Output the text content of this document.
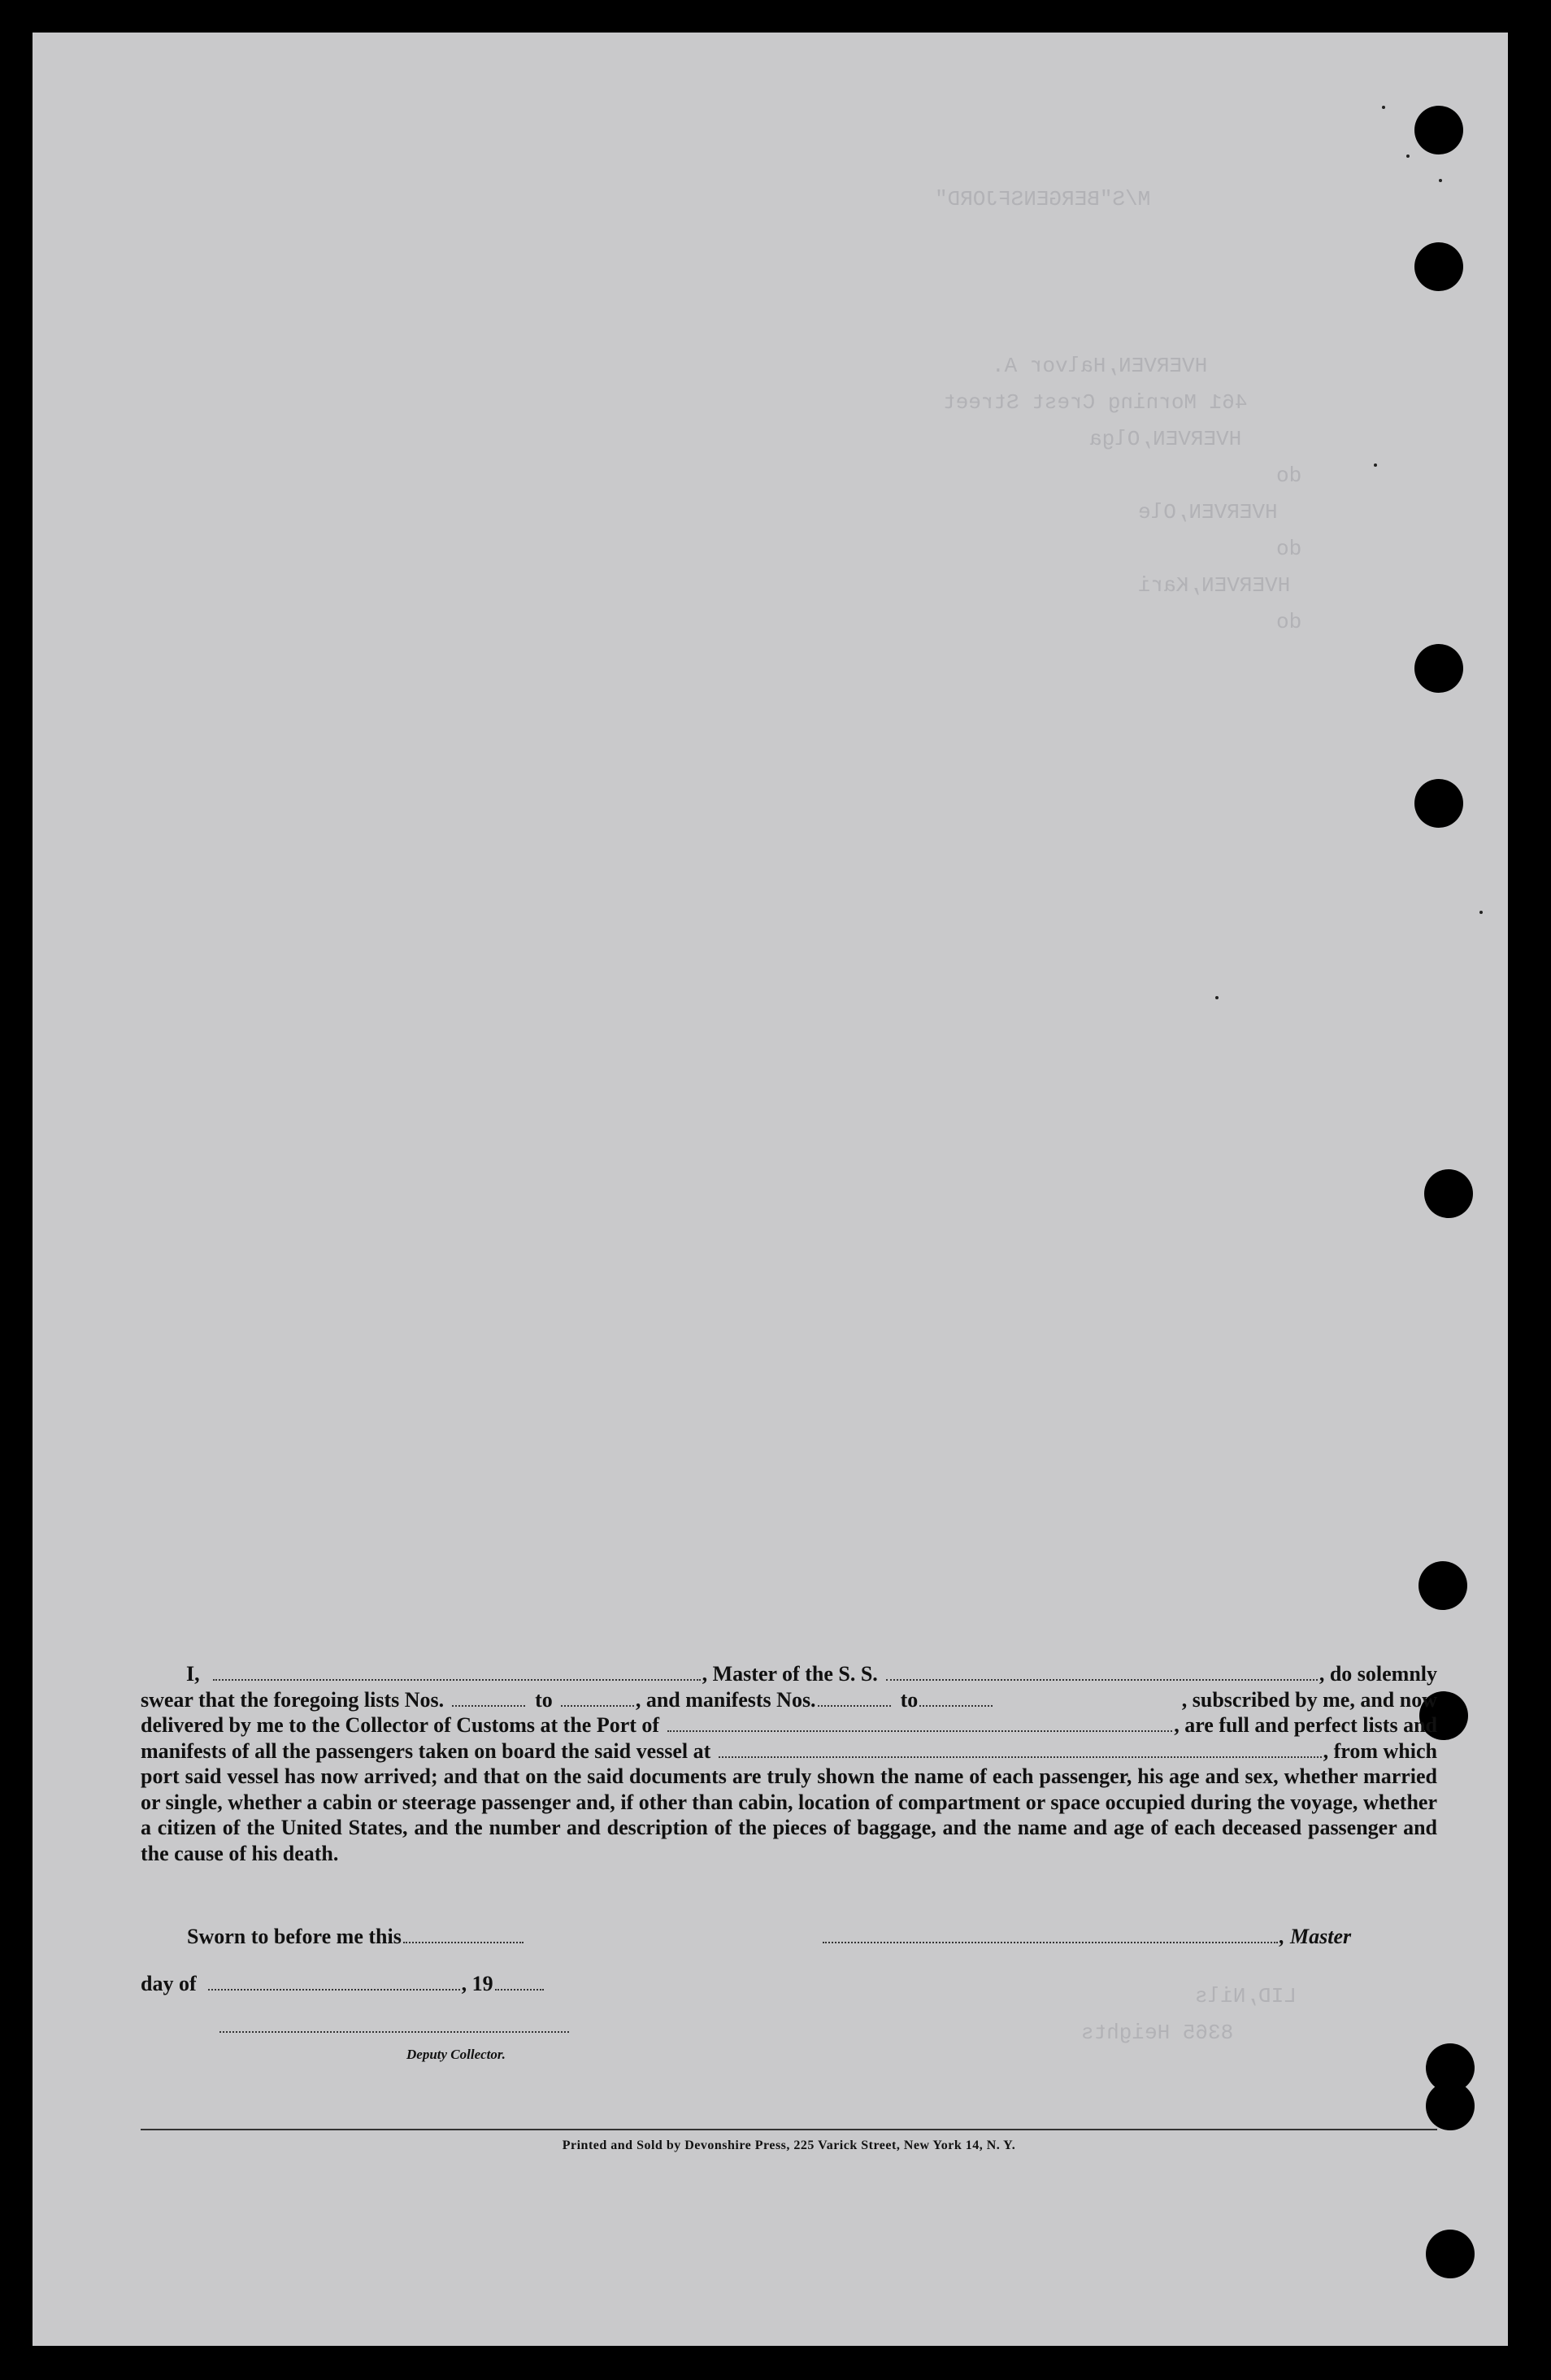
M/S"BERGENSFJORD"
HVERVEN,Halvor A.
461 Morning Crest Street
HVERVEN,Olga
do
HVERVEN,Ole
do
HVERVEN,Kari
do
LID,Nils
8365 Heights
I,	, Master of the S. S.	, do solemnly
swear that the foregoing lists Nos.	to	, and manifests Nos.	to	, subscribed by me, and now
delivered by me to the Collector of Customs at the Port of	, are full and perfect lists and
manifests of all the passengers taken on board the said vessel at	, from which
port said vessel has now arrived; and that on the said documents are truly shown the name of each passenger, his age and sex, whether married or single, whether a cabin or steerage passenger and, if other than cabin, location of compartment or space occupied during the voyage, whether a citizen of the United States, and the number and description of the pieces of baggage, and the name and age of each deceased passenger and the cause of his death.
Sworn to before me this	, Master
day of	, 19
Deputy Collector.
Printed and Sold by Devonshire Press, 225 Varick Street, New York 14, N. Y.
